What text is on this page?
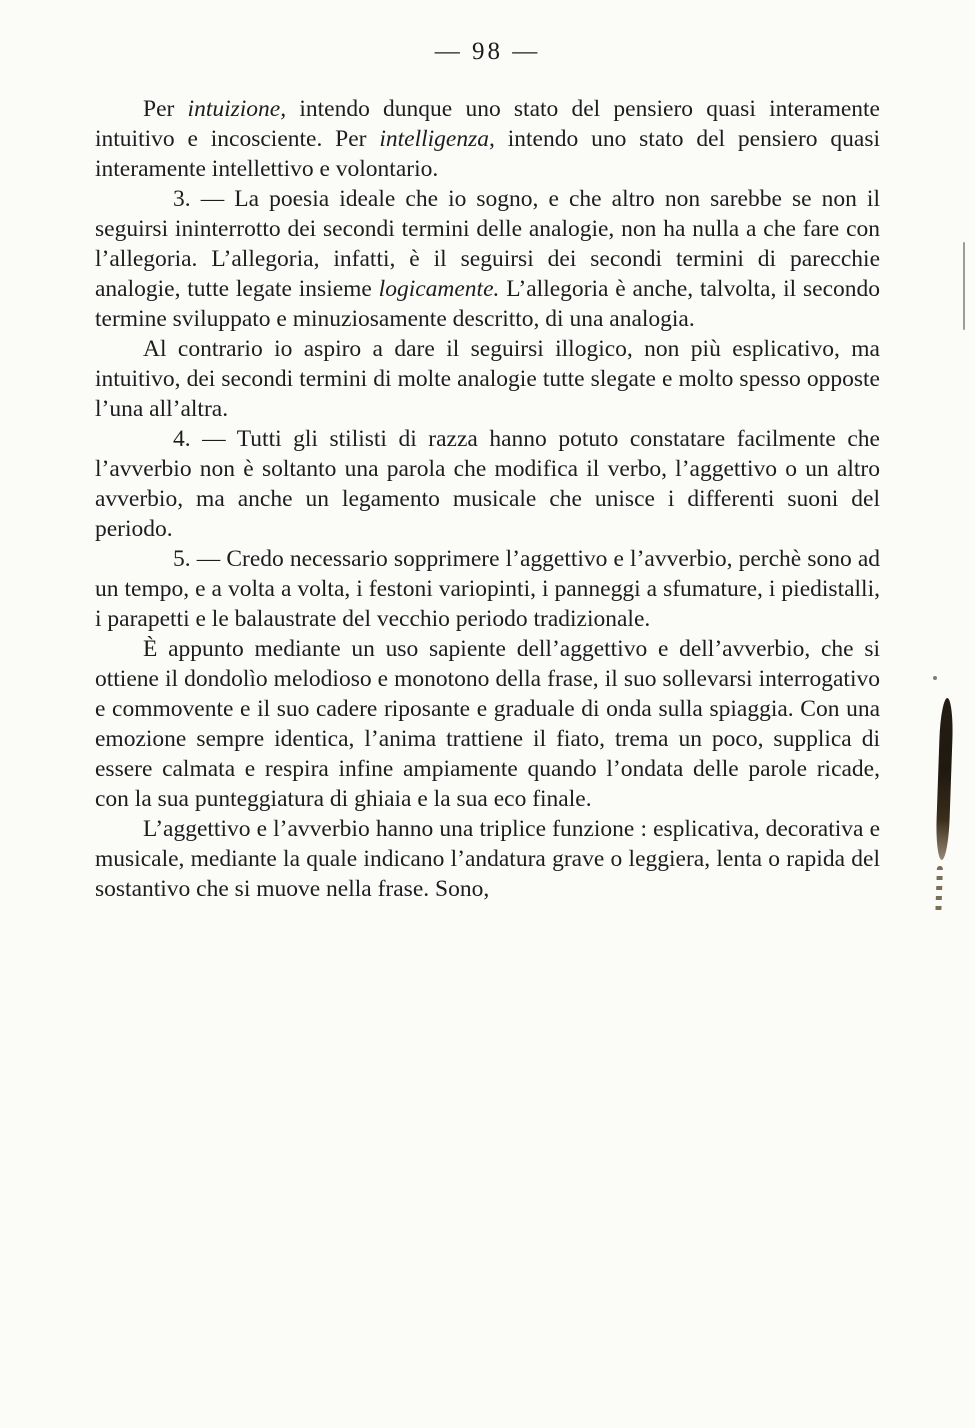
— 98 —

Per intuizione, intendo dunque uno stato del pensiero quasi interamente intuitivo e incosciente. Per intelligenza, intendo uno stato del pensiero quasi interamente intellettivo e volontario.

3. — La poesia ideale che io sogno, e che altro non sarebbe se non il seguirsi ininterrotto dei secondi termini delle analogie, non ha nulla a che fare con l’allegoria. L’allegoria, infatti, è il seguirsi dei secondi termini di parecchie analogie, tutte legate insieme logicamente. L’allegoria è anche, talvolta, il secondo termine sviluppato e minuziosamente descritto, di una analogia.

Al contrario io aspiro a dare il seguirsi illogico, non più esplicativo, ma intuitivo, dei secondi termini di molte analogie tutte slegate e molto spesso opposte l’una all’altra.

4. — Tutti gli stilisti di razza hanno potuto constatare facilmente che l’avverbio non è soltanto una parola che modifica il verbo, l’aggettivo o un altro avverbio, ma anche un legamento musicale che unisce i differenti suoni del periodo.

5. — Credo necessario sopprimere l’aggettivo e l’avverbio, perchè sono ad un tempo, e a volta a volta, i festoni variopinti, i panneggi a sfumature, i piedistalli, i parapetti e le balaustrate del vecchio periodo tradizionale.

È appunto mediante un uso sapiente dell’aggettivo e dell’avverbio, che si ottiene il dondolìo melodioso e monotono della frase, il suo sollevarsi interrogativo e commovente e il suo cadere riposante e graduale di onda sulla spiaggia. Con una emozione sempre identica, l’anima trattiene il fiato, trema un poco, supplica di essere calmata e respira infine ampiamente quando l’ondata delle parole ricade, con la sua punteggiatura di ghiaia e la sua eco finale.

L’aggettivo e l’avverbio hanno una triplice funzione : esplicativa, decorativa e musicale, mediante la quale indicano l’andatura grave o leggiera, lenta o rapida del sostantivo che si muove nella frase. Sono,
